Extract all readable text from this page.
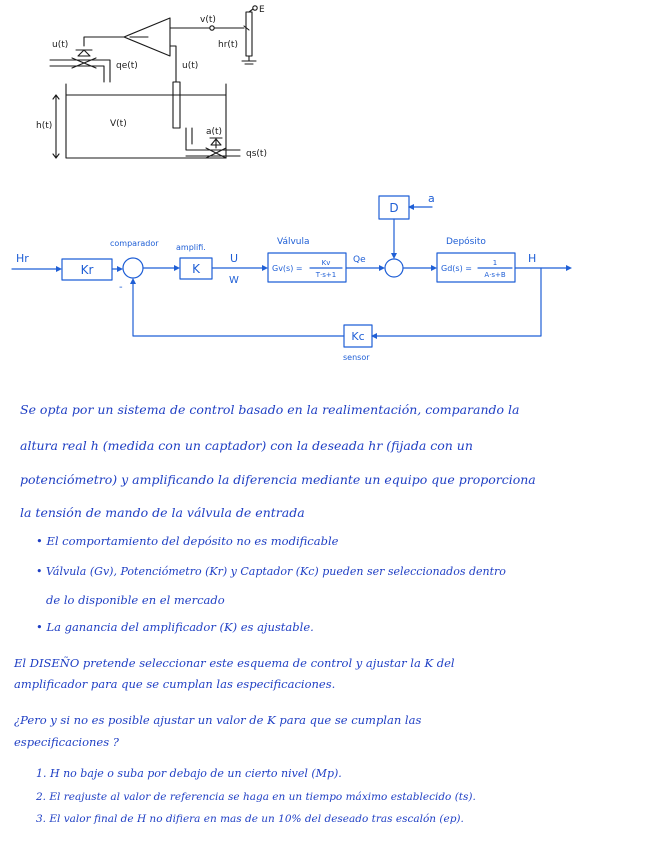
v(t)
E
hr(t)
u(t)
u(t)
qe(t)
V(t)
h(t)
a(t)
qs(t)
Hr
Kr
comparador
-
K
amplifi.
U
W
Válvula
Gv(s) =
Kv
T·s+1
Qe
D
a
Depósito
Gd(s) =
1
A·s+B
H
Kc
sensor
Se opta por un sistema de control basado en la realimentación, comparando la
altura real h (medida con un captador) con la deseada hr (fijada con un
potenciómetro) y amplificando la diferencia mediante un equipo que proporciona
la tensión de mando de la válvula de entrada
• El comportamiento del depósito no es modificable
• Válvula (Gv), Potenciómetro (Kr) y Captador (Kc) pueden ser seleccionados dentro
de lo disponible en el mercado
• La ganancia del amplificador (K) es ajustable.
El DISEÑO pretende seleccionar este esquema de control y ajustar la K del
amplificador para que se cumplan las especificaciones.
¿Pero y si no es posible ajustar un valor de K para que se cumplan las
especificaciones ?
1. H no baje o suba por debajo de un cierto nivel (Mp).
2. El reajuste al valor de referencia se haga en un tiempo máximo establecido (ts).
3. El valor final de H no difiera en mas de un 10% del deseado tras escalón (ep).
